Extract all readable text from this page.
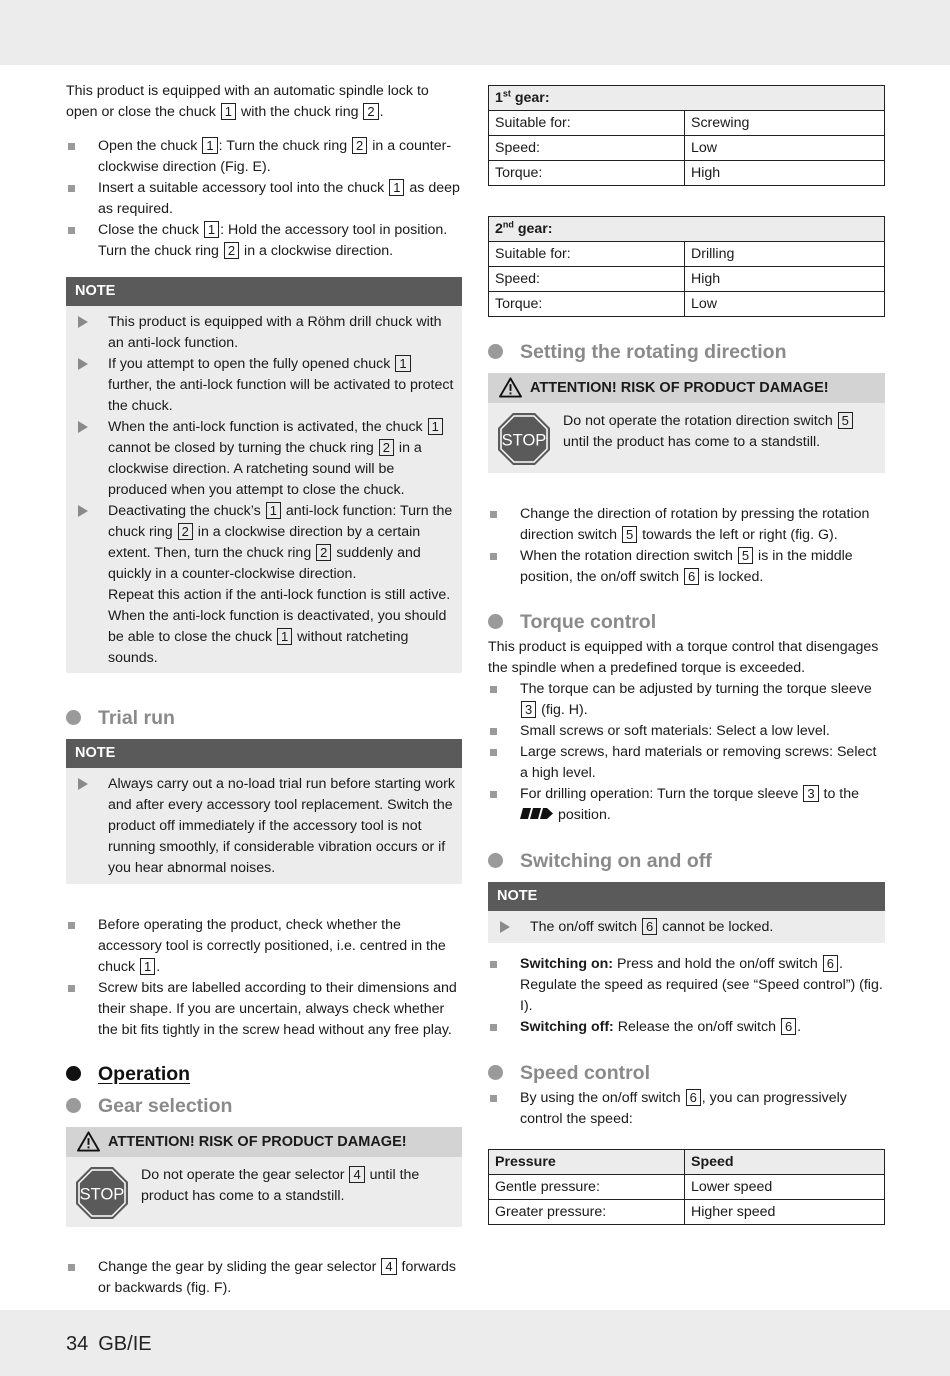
This product is equipped with an automatic spindle lock to open or close the chuck 1 with the chuck ring 2 .

Open the chuck 1 : Turn the chuck ring 2 in a counter-clockwise direction (Fig. E).
Insert a suitable accessory tool into the chuck 1 as deep as required.
Close the chuck 1 : Hold the accessory tool in position. Turn the chuck ring 2 in a clockwise direction.
NOTE
This product is equipped with a Röhm drill chuck with an anti-lock function.
If you attempt to open the fully opened chuck 1 further, the anti-lock function will be activated to protect the chuck.
When the anti-lock function is activated, the chuck 1 cannot be closed by turning the chuck ring 2 in a clockwise direction. A ratcheting sound will be produced when you attempt to close the chuck.
Deactivating the chuck’s 1 anti-lock function: Turn the chuck ring 2 in a clockwise direction by a certain extent. Then, turn the chuck ring 2 suddenly and quickly in a counter-clockwise direction.
Repeat this action if the anti-lock function is still active. When the anti-lock function is deactivated, you should be able to close the chuck 1 without ratcheting sounds.
Trial run
NOTE
Always carry out a no-load trial run before starting work and after every accessory tool replacement. Switch the product off immediately if the accessory tool is not running smoothly, if considerable vibration occurs or if you hear abnormal noises.
Before operating the product, check whether the accessory tool is correctly positioned, i.e. centred in the chuck 1 .
Screw bits are labelled according to their dimensions and their shape. If you are uncertain, always check whether the bit fits tightly in the screw head without any free play.
Operation
Gear selection
ATTENTION! RISK OF PRODUCT DAMAGE!
STOP

Do not operate the gear selector 4 until the product has come to a standstill.

Change the gear by sliding the gear selector 4 forwards or backwards (fig. F).
1st gear:	
Suitable for:	Screwing
Speed:	Low
Torque:	High
2nd gear:	
Suitable for:	Drilling
Speed:	High
Torque:	Low
Setting the rotating direction
ATTENTION! RISK OF PRODUCT DAMAGE!
STOP

Do not operate the rotation direction switch 5 until the product has come to a standstill.

Change the direction of rotation by pressing the rotation direction switch 5 towards the left or right (fig. G).
When the rotation direction switch 5 is in the middle position, the on/off switch 6 is locked.
Torque control

This product is equipped with a torque control that disengages the spindle when a predefined torque is exceeded.

The torque can be adjusted by turning the torque sleeve 3 (fig. H).
Small screws or soft materials: Select a low level.
Large screws, hard materials or removing screws: Select a high level.
For drilling operation: Turn the torque sleeve 3 to the
position.
Switching on and off
NOTE
The on/off switch 6 cannot be locked.
Switching on: Press and hold the on/off switch 6 . Regulate the speed as required (see “Speed control”) (fig. I).
Switching off: Release the on/off switch 6 .
Speed control
By using the on/off switch 6 , you can progressively control the speed:
Pressure	Speed
Gentle pressure:	Lower speed
Greater pressure:	Higher speed
34 GB/IE
